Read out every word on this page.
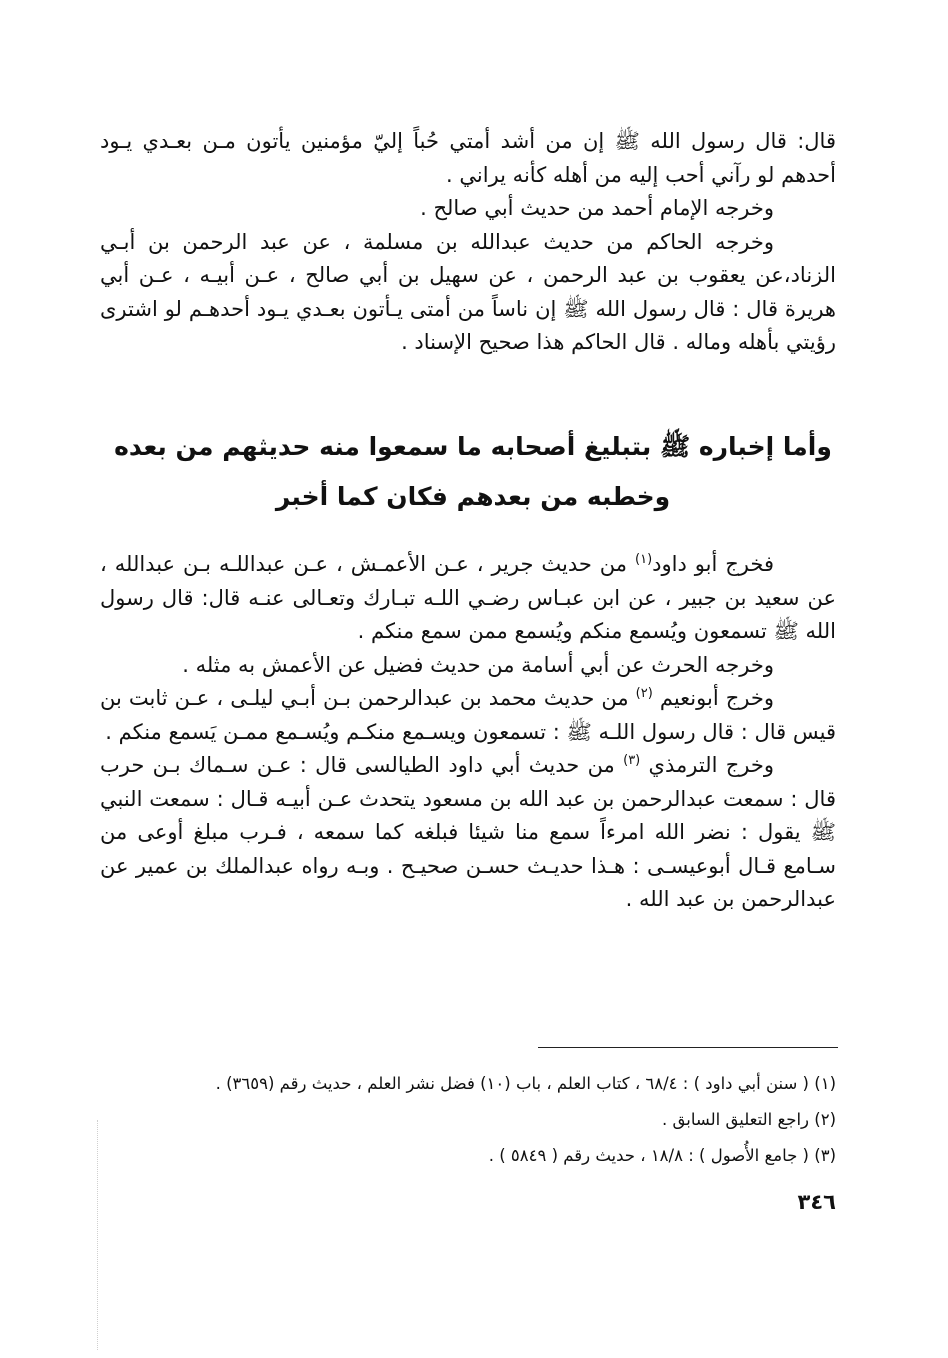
قال: قال رسول الله ﷺ إن من أشد أمتي حُباً إليّ مؤمنين يأتون مـن بعـدي يـود أحدهم لو رآني أحب إليه من أهله كأنه يراني .

وخرجه الإمام أحمد من حديث أبي صالح .

وخرجه الحاكم من حديث عبدالله بن مسلمة ، عن عبد الرحمن بن أبـي الزناد،عن يعقوب بن عبد الرحمن ، عن سهيل بن أبي صالح ، عـن أبيـه ، عـن أبي هريرة قال : قال رسول الله ﷺ إن ناساً من أمتى يـأتون بعـدي يـود أحدهـم لو اشترى رؤيتي بأهله وماله . قال الحاكم هذا صحيح الإسناد .

وأما إخباره ﷺ بتبليغ أصحابه ما سمعوا منه حديثهم من بعده
وخطبه من بعدهم فكان كما أخبر

فخرج أبو داود$^{(١)}$ من حديث جرير ، عـن الأعمـش ، عـن عبداللـه بـن عبدالله ، عن سعيد بن جبير ، عن ابن عبـاس رضـي اللـه تبـارك وتعـالى عنـه قال: قال رسول الله ﷺ تسمعون ويُسمع منكم ويُسمع ممن سمع منكم .

وخرجه الحرث عن أبي أسامة من حديث فضيل عن الأعمش به مثله .

وخرج أبونعيم $^{(٢)}$ من حديث محمد بن عبدالرحمن بـن أبـي ليلـى ، عـن ثابت بن قيس قال : قال رسول اللـه ﷺ : تسمعون ويسـمع منكـم ويُسـمع ممـن يَسمع منكم .

وخرج الترمذي $^{(٣)}$ من حديث أبي داود الطيالسى قال : عـن سـماك بـن حرب قال : سمعت عبدالرحمن بن عبد الله بن مسعود يتحدث عـن أبيـه قـال : سمعت النبي ﷺ يقول : نضر الله امرءاً سمع منا شيئا فبلغه كما سمعه ، فـرب مبلغ أوعى من سـامع قـال أبوعيسـى : هـذا حديـث حسـن صحيـح . وبـه رواه عبدالملك بن عمير عن عبدالرحمن بن عبد الله .

(١) ( سنن أبي داود ) : ٦٨/٤ ، كتاب العلم ، باب (١٠) فضل نشر العلم ، حديث رقم (٣٦٥٩) .

(٢) راجع التعليق السابق .

(٣) ( جامع الأُصول ) : ١٨/٨ ، حديث رقم ( ٥٨٤٩ ) .

٣٤٦
